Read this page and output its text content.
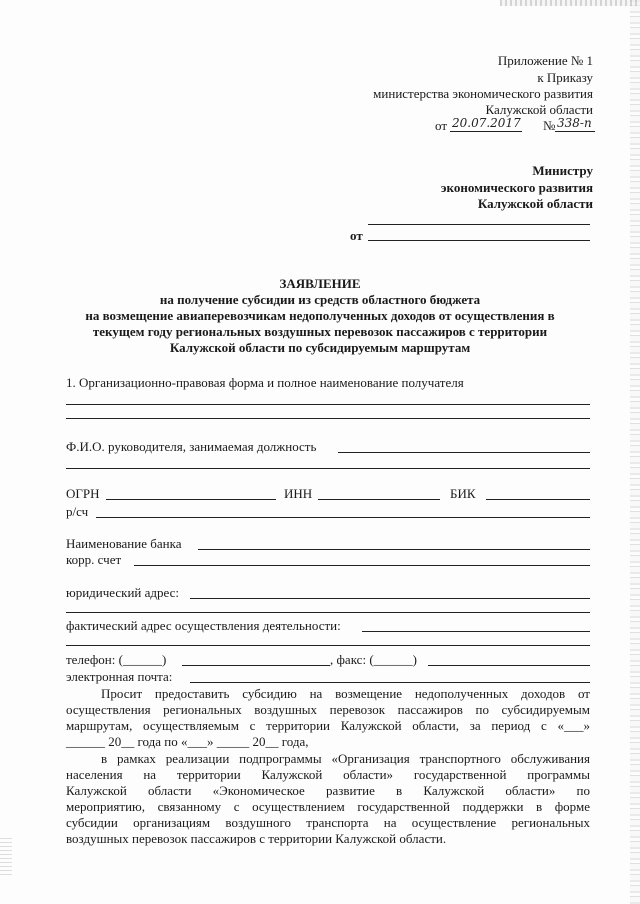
Приложение № 1
к Приказу
министерства экономического развития
Калужской области
от 20.07.2017 № 338-п
Министру
экономического развития
Калужской области
от
ЗАЯВЛЕНИЕ
на получение субсидии из средств областного бюджета
на возмещение авиаперевозчикам недополученных доходов от осуществления в
текущем году региональных воздушных перевозок пассажиров с территории
Калужской области по субсидируемым маршрутам
1. Организационно-правовая форма и полное наименование получателя
Ф.И.О. руководителя, занимаемая должность
ОГРН	ИНН	БИК
р/сч
Наименование банка
корр. счет
юридический адрес:
фактический адрес осуществления деятельности:
телефон: (______)	, факс: (______)
электронная почта:
Просит предоставить субсидию на возмещение недополученных доходов от
осуществления региональных воздушных перевозок пассажиров по субсидируемым
маршрутам, осуществляемым с территории Калужской области, за период с «___»
______ 20__ года по «___» _____ 20__ года,
в рамках реализации подпрограммы «Организация транспортного обслуживания
населения на территории Калужской области» государственной программы
Калужской области «Экономическое развитие в Калужской области» по
мероприятию, связанному с осуществлением государственной поддержки в форме
субсидии организациям воздушного транспорта на осуществление региональных
воздушных перевозок пассажиров с территории Калужской области.
